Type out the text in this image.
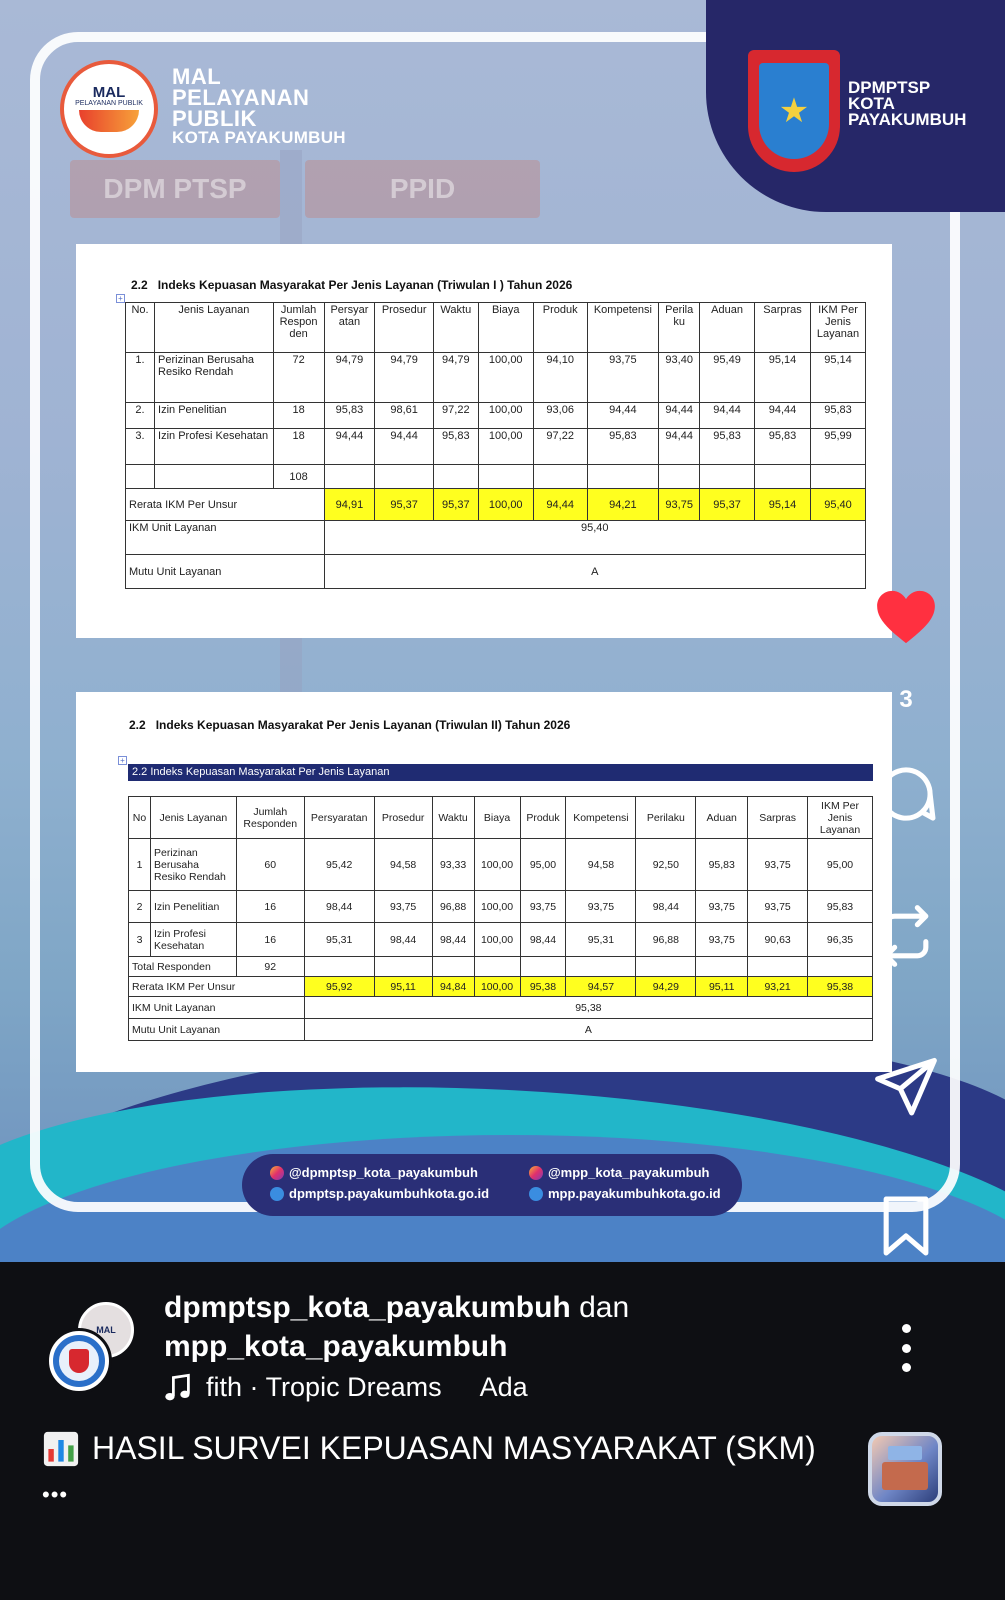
DPM PTSP	PPID
MAL
PELAYANAN PUBLIK
MAL
PELAYANAN
PUBLIK
KOTA PAYAKUMBUH
★
DPMPTSP
KOTA
PAYAKUMBUH
2.2 Indeks Kepuasan Masyarakat Per Jenis Layanan (Triwulan I ) Tahun 2026
+
No.	Jenis Layanan	Jumlah Respon den	Persyar atan	Prosedur	Waktu	Biaya	Produk	Kompetensi	Perila ku	Aduan	Sarpras	IKM Per Jenis Layanan
1.	Perizinan Berusaha Resiko Rendah	72	94,79	94,79	94,79	100,00	94,10	93,75	93,40	95,49	95,14	95,14
2.	Izin Penelitian	18	95,83	98,61	97,22	100,00	93,06	94,44	94,44	94,44	94,44	95,83
3.	Izin Profesi Kesehatan	18	94,44	94,44	95,83	100,00	97,22	95,83	94,44	95,83	95,83	95,99
		108										
Rerata IKM Per Unsur			94,91	95,37	95,37	100,00	94,44	94,21	93,75	95,37	95,14	95,40
IKM Unit Layanan			95,40									
Mutu Unit Layanan			A									
2.2 Indeks Kepuasan Masyarakat Per Jenis Layanan (Triwulan II) Tahun 2026
+
2.2 Indeks Kepuasan Masyarakat Per Jenis Layanan
No	Jenis Layanan	Jumlah Responden	Persyaratan	Prosedur	Waktu	Biaya	Produk	Kompetensi	Perilaku	Aduan	Sarpras	IKM Per Jenis Layanan
1	Perizinan Berusaha Resiko Rendah	60	95,42	94,58	93,33	100,00	95,00	94,58	92,50	95,83	93,75	95,00
2	Izin Penelitian	16	98,44	93,75	96,88	100,00	93,75	93,75	98,44	93,75	93,75	95,83
3	Izin Profesi Kesehatan	16	95,31	98,44	98,44	100,00	98,44	95,31	96,88	93,75	90,63	96,35
Total Responden		92										
Rerata IKM Per Unsur			95,92	95,11	94,84	100,00	95,38	94,57	94,29	95,11	93,21	95,38
IKM Unit Layanan			95,38									
Mutu Unit Layanan			A									
@dpmptsp_kota_payakumbuh
dpmptsp.payakumbuhkota.go.id
@mpp_kota_payakumbuh
mpp.payakumbuhkota.go.id
3
MAL
dpmptsp_kota_payakumbuh dan
mpp_kota_payakumbuh
fith · Tropic Dreams Ada
HASIL SURVEI KEPUASAN MASYARAKAT (SKM)
•••
